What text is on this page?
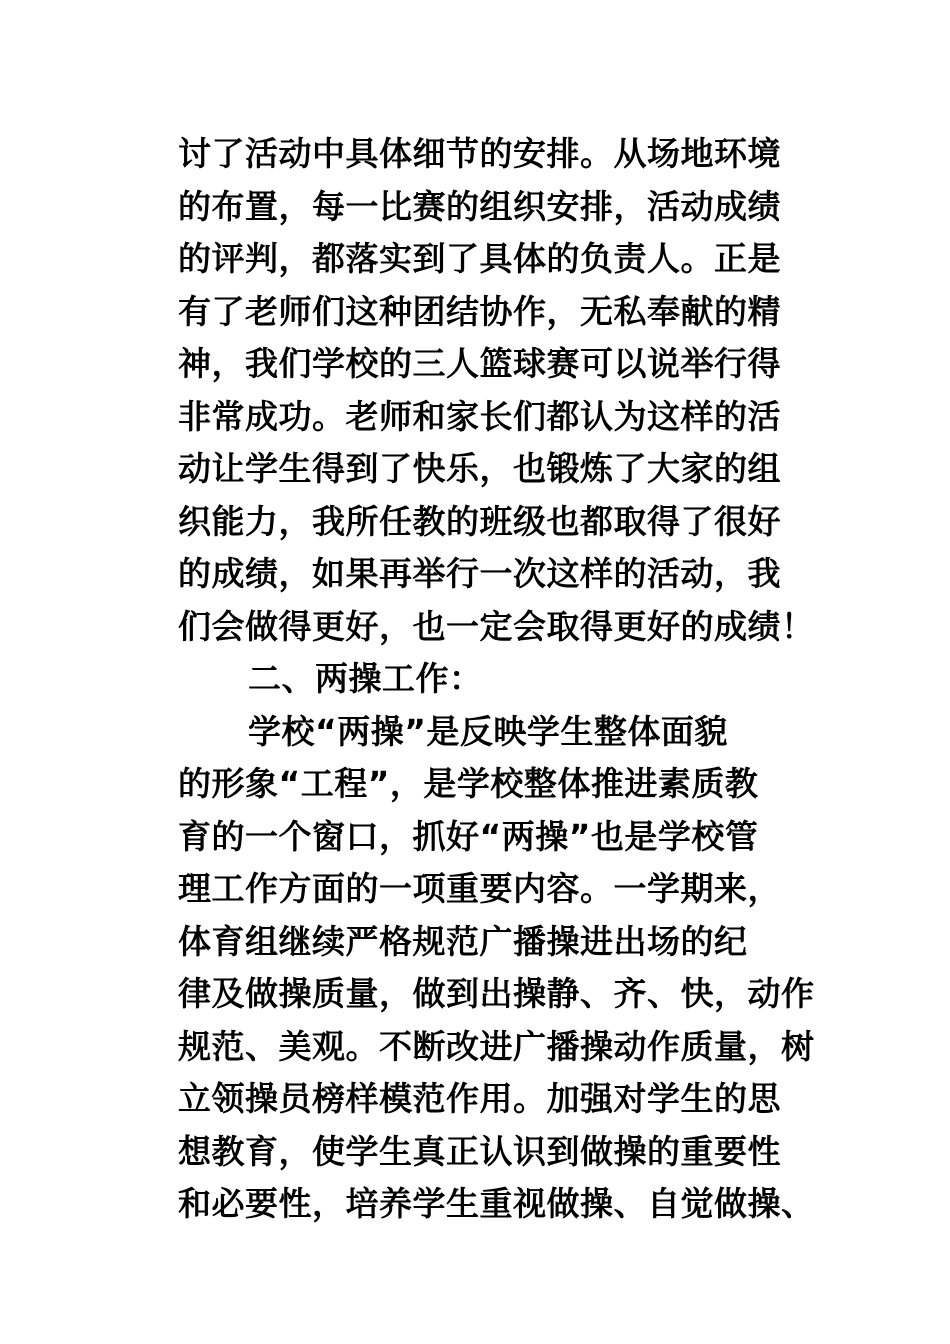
讨了活动中具体细节的安排。从场地环境
的布置，每一比赛的组织安排，活动成绩
的评判，都落实到了具体的负责人。正是
有了老师们这种团结协作，无私奉献的精
神，我们学校的三人篮球赛可以说举行得
非常成功。老师和家长们都认为这样的活
动让学生得到了快乐，也锻炼了大家的组
织能力，我所任教的班级也都取得了很好
的成绩，如果再举行一次这样的活动，我
们会做得更好，也一定会取得更好的成绩！
二、两操工作：
学校“两操”是反映学生整体面貌
的形象“工程”，是学校整体推进素质教
育的一个窗口，抓好“两操”也是学校管
理工作方面的一项重要内容。一学期来，
体育组继续严格规范广播操进出场的纪
律及做操质量，做到出操静、齐、快，动作
规范、美观。不断改进广播操动作质量，树
立领操员榜样模范作用。加强对学生的思
想教育，使学生真正认识到做操的重要性
和必要性，培养学生重视做操、自觉做操、
